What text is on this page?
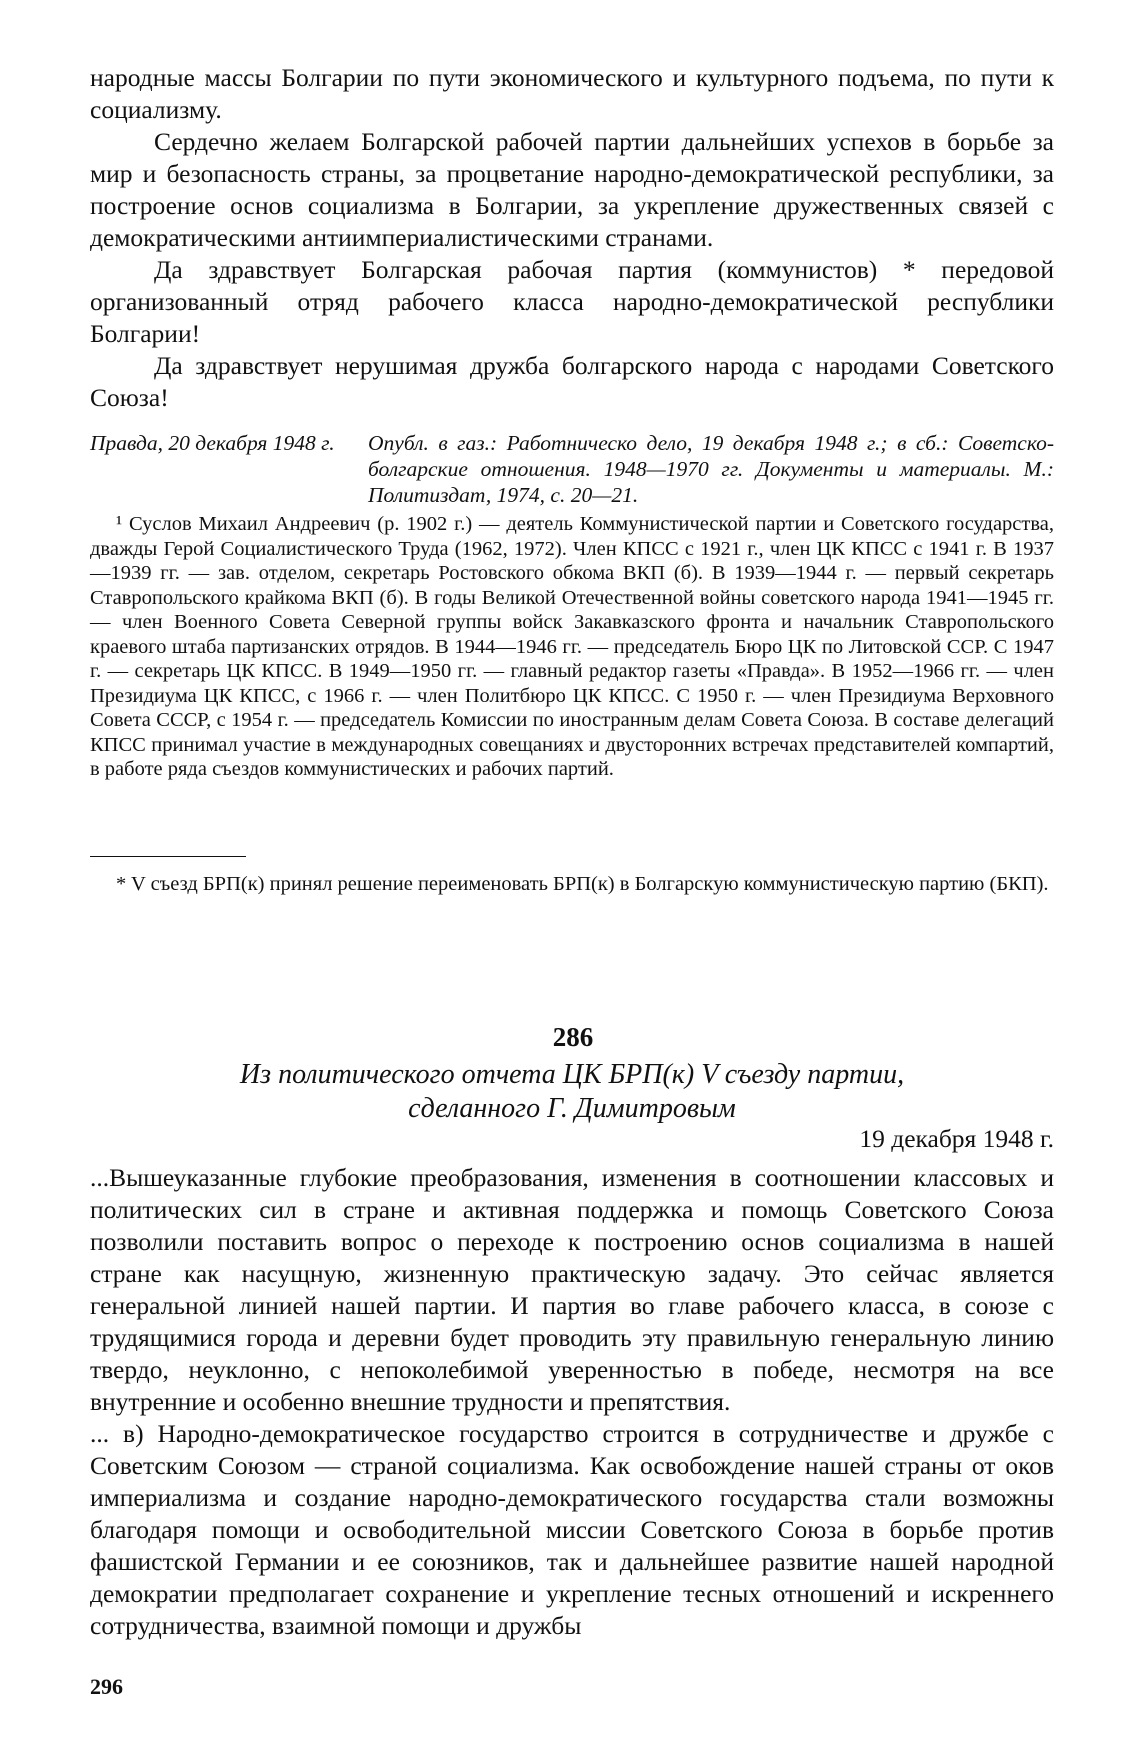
народные массы Болгарии по пути экономического и культурного подъема, по пути к социализму.

Сердечно желаем Болгарской рабочей партии дальнейших успехов в борьбе за мир и безопасность страны, за процветание народно-демократической республики, за построение основ социализма в Болгарии, за укрепление дружественных связей с демократическими антиимпериалистическими странами.

Да здравствует Болгарская рабочая партия (коммунистов) * передовой организованный отряд рабочего класса народно-демократической республики Болгарии!

Да здравствует нерушимая дружба болгарского народа с народами Советского Союза!

Правда, 20 декабря 1948 г.	Опубл. в газ.: Работническо дело, 19 декабря 1948 г.; в сб.: Советско-болгарские отношения. 1948—1970 гг. Документы и материалы. М.: Политиздат, 1974, с. 20—21.

¹ Суслов Михаил Андреевич (р. 1902 г.) — деятель Коммунистической партии и Советского государства, дважды Герой Социалистического Труда (1962, 1972). Член КПСС с 1921 г., член ЦК КПСС с 1941 г. В 1937—1939 гг. — зав. отделом, секретарь Ростовского обкома ВКП (б). В 1939—1944 г. — первый секретарь Ставропольского крайкома ВКП (б). В годы Великой Отечественной войны советского народа 1941—1945 гг. — член Военного Совета Северной группы войск Закавказского фронта и начальник Ставропольского краевого штаба партизанских отрядов. В 1944—1946 гг. — председатель Бюро ЦК по Литовской ССР. С 1947 г. — секретарь ЦК КПСС. В 1949—1950 гг. — главный редактор газеты «Правда». В 1952—1966 гг. — член Президиума ЦК КПСС, с 1966 г. — член Политбюро ЦК КПСС. С 1950 г. — член Президиума Верховного Совета СССР, с 1954 г. — председатель Комиссии по иностранным делам Совета Союза. В составе делегаций КПСС принимал участие в международных совещаниях и двусторонних встречах представителей компартий, в работе ряда съездов коммунистических и рабочих партий.

* V съезд БРП(к) принял решение переименовать БРП(к) в Болгарскую коммунистическую партию (БКП).

286
Из политического отчета ЦК БРП(к) V съезду партии,
сделанного Г. Димитровым
19 декабря 1948 г.

...Вышеуказанные глубокие преобразования, изменения в соотношении классовых и политических сил в стране и активная поддержка и помощь Советского Союза позволили поставить вопрос о переходе к построению основ социализма в нашей стране как насущную, жизненную практическую задачу. Это сейчас является генеральной линией нашей партии. И партия во главе рабочего класса, в союзе с трудящимися города и деревни будет проводить эту правильную генеральную линию твердо, неуклонно, с непоколебимой уверенностью в победе, несмотря на все внутренние и особенно внешние трудности и препятствия.

... в) Народно-демократическое государство строится в сотрудничестве и дружбе с Советским Союзом — страной социализма. Как освобождение нашей страны от оков империализма и создание народно-демократического государства стали возможны благодаря помощи и освободительной миссии Советского Союза в борьбе против фашистской Германии и ее союзников, так и дальнейшее развитие нашей народной демократии предполагает сохранение и укрепление тесных отношений и искреннего сотрудничества, взаимной помощи и дружбы

296
